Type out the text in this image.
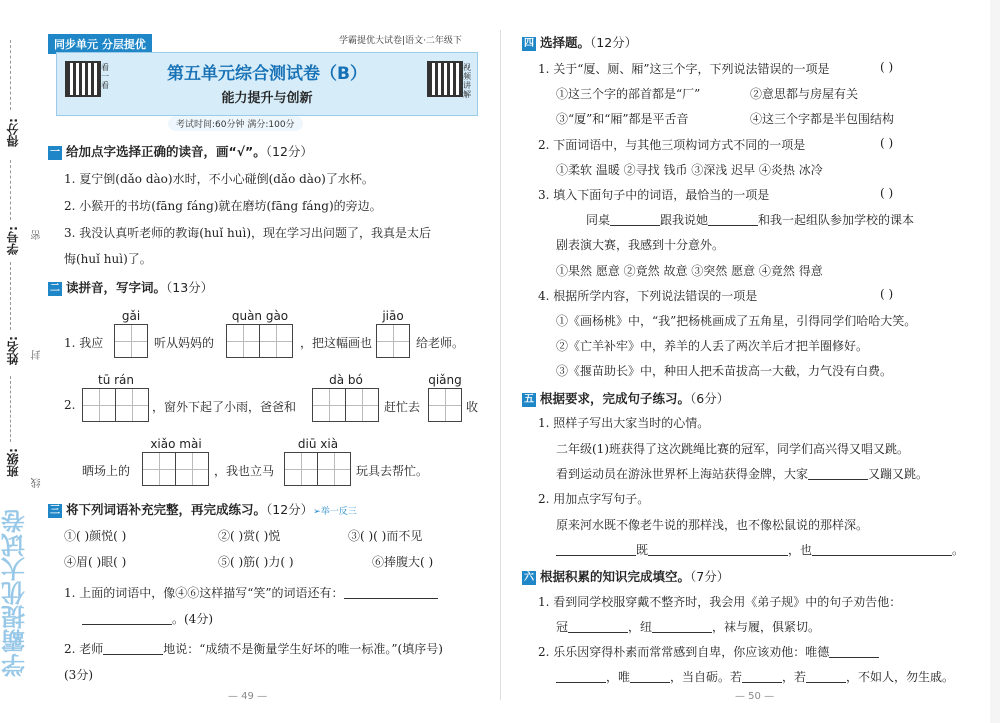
得分:
学号:
姓名:
班级:
密
封
线
学霸提优大试卷
同步单元 分层提优	学霸提优大试卷|语文·二年级下
看一看
视频讲解
第五单元综合测试卷（B）
能力提升与创新
考试时间:60分钟 满分:100分
一 给加点字选择正确的读音，画“√”。（12分）
1. 夏宁倒(dǎo dào)水时，不小心碰倒(dǎo dào)了水杯。
2. 小猴开的书坊(fāng fáng)就在磨坊(fāng fáng)的旁边。
3. 我没认真听老师的教诲(huǐ huì)，现在学习出问题了，我真是太后
悔(huǐ huì)了。
二 读拼音，写字词。（13分）
gǎi	quàn gào	jiāo
1. 我应	听从妈妈的	，把这幅画也	给老师。
tū rán	dà bó	qiǎng
2.	，窗外下起了小雨，爸爸和	赶忙去	收
xiǎo mài	diū xià
晒场上的	，我也立马	玩具去帮忙。
三 将下列词语补充完整，再完成练习。（12分）➢举一反三
①( )颜悦( )	②( )赏( )悦	③( )( )而不见
④眉( )眼( )	⑤( )筋( )力( )	⑥捧腹大( )
1. 上面的词语中，像④⑥这样描写“笑”的词语还有：
。(4分)
2. 老师	地说：“成绩不是衡量学生好坏的唯一标准。”(填序号)
(3分)
— 49 —
四 选择题。（12分）
1. 关于“厦、厕、厢”这三个字，下列说法错误的一项是	( )
①这三个字的部首都是“厂”	②意思都与房屋有关
③“厦”和“厢”都是平舌音	④这三个字都是半包围结构
2. 下面词语中，与其他三项构词方式不同的一项是	( )
①柔软 温暖 ②寻找 钱币 ③深浅 迟早 ④炎热 冰冷
3. 填入下面句子中的词语，最恰当的一项是	( )
同桌	跟我说她	和我一起组队参加学校的课本
剧表演大赛，我感到十分意外。
①果然 愿意 ②竟然 故意 ③突然 愿意 ④竟然 得意
4. 根据所学内容，下列说法错误的一项是	( )
①《画杨桃》中，“我”把杨桃画成了五角星，引得同学们哈哈大笑。
②《亡羊补牢》中，养羊的人丢了两次羊后才把羊圈修好。
③《揠苗助长》中，种田人把禾苗拔高一大截，力气没有白费。
五 根据要求，完成句子练习。（6分）
1. 照样子写出大家当时的心情。
二年级(1)班获得了这次跳绳比赛的冠军，同学们高兴得又唱又跳。
看到运动员在游泳世界杯上海站获得金牌，大家	又蹦又跳。
2. 用加点字写句子。
原来河水既不像老牛说的那样浅，也不像松鼠说的那样深。
既	，也	。
六 根据积累的知识完成填空。（7分）
1. 看到同学校服穿戴不整齐时，我会用《弟子规》中的句子劝告他：
冠	，纽	，袜与履，俱紧切。
2. 乐乐因穿得朴素而常常感到自卑，你应该劝他：唯德
，唯	，当自砺。若	，若	，不如人，勿生戚。
— 50 —
